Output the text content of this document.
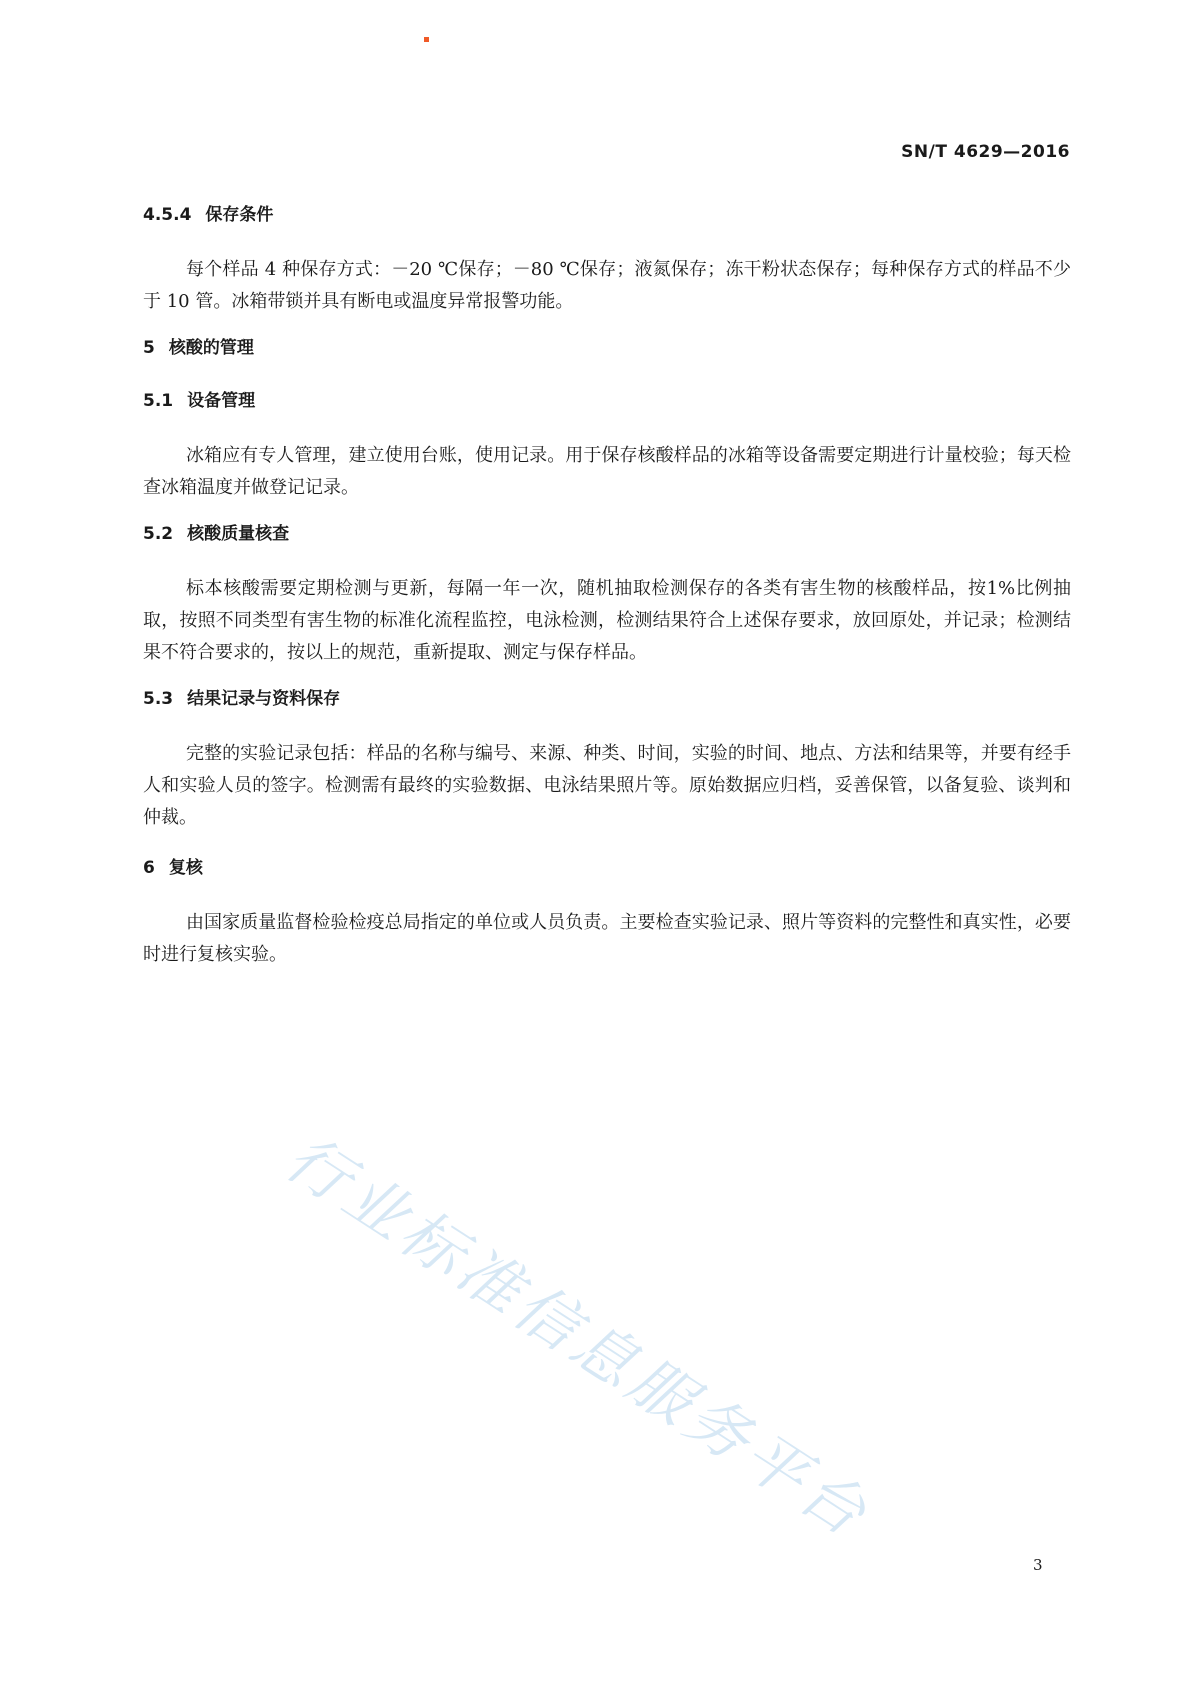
SN/T 4629—2016
4.5.4 保存条件

每个样品 4 种保存方式：－20 ℃保存；－80 ℃保存；液氮保存；冻干粉状态保存；每种保存方式的样品不少于 10 管。冰箱带锁并具有断电或温度异常报警功能。

5 核酸的管理
5.1 设备管理

冰箱应有专人管理，建立使用台账，使用记录。用于保存核酸样品的冰箱等设备需要定期进行计量校验；每天检查冰箱温度并做登记记录。

5.2 核酸质量核查

标本核酸需要定期检测与更新，每隔一年一次，随机抽取检测保存的各类有害生物的核酸样品，按1%比例抽取，按照不同类型有害生物的标准化流程监控，电泳检测，检测结果符合上述保存要求，放回原处，并记录；检测结果不符合要求的，按以上的规范，重新提取、测定与保存样品。

5.3 结果记录与资料保存

完整的实验记录包括：样品的名称与编号、来源、种类、时间，实验的时间、地点、方法和结果等，并要有经手人和实验人员的签字。检测需有最终的实验数据、电泳结果照片等。原始数据应归档，妥善保管，以备复验、谈判和仲裁。

6 复核

由国家质量监督检验检疫总局指定的单位或人员负责。主要检查实验记录、照片等资料的完整性和真实性，必要时进行复核实验。

行业标准信息服务平台
3
